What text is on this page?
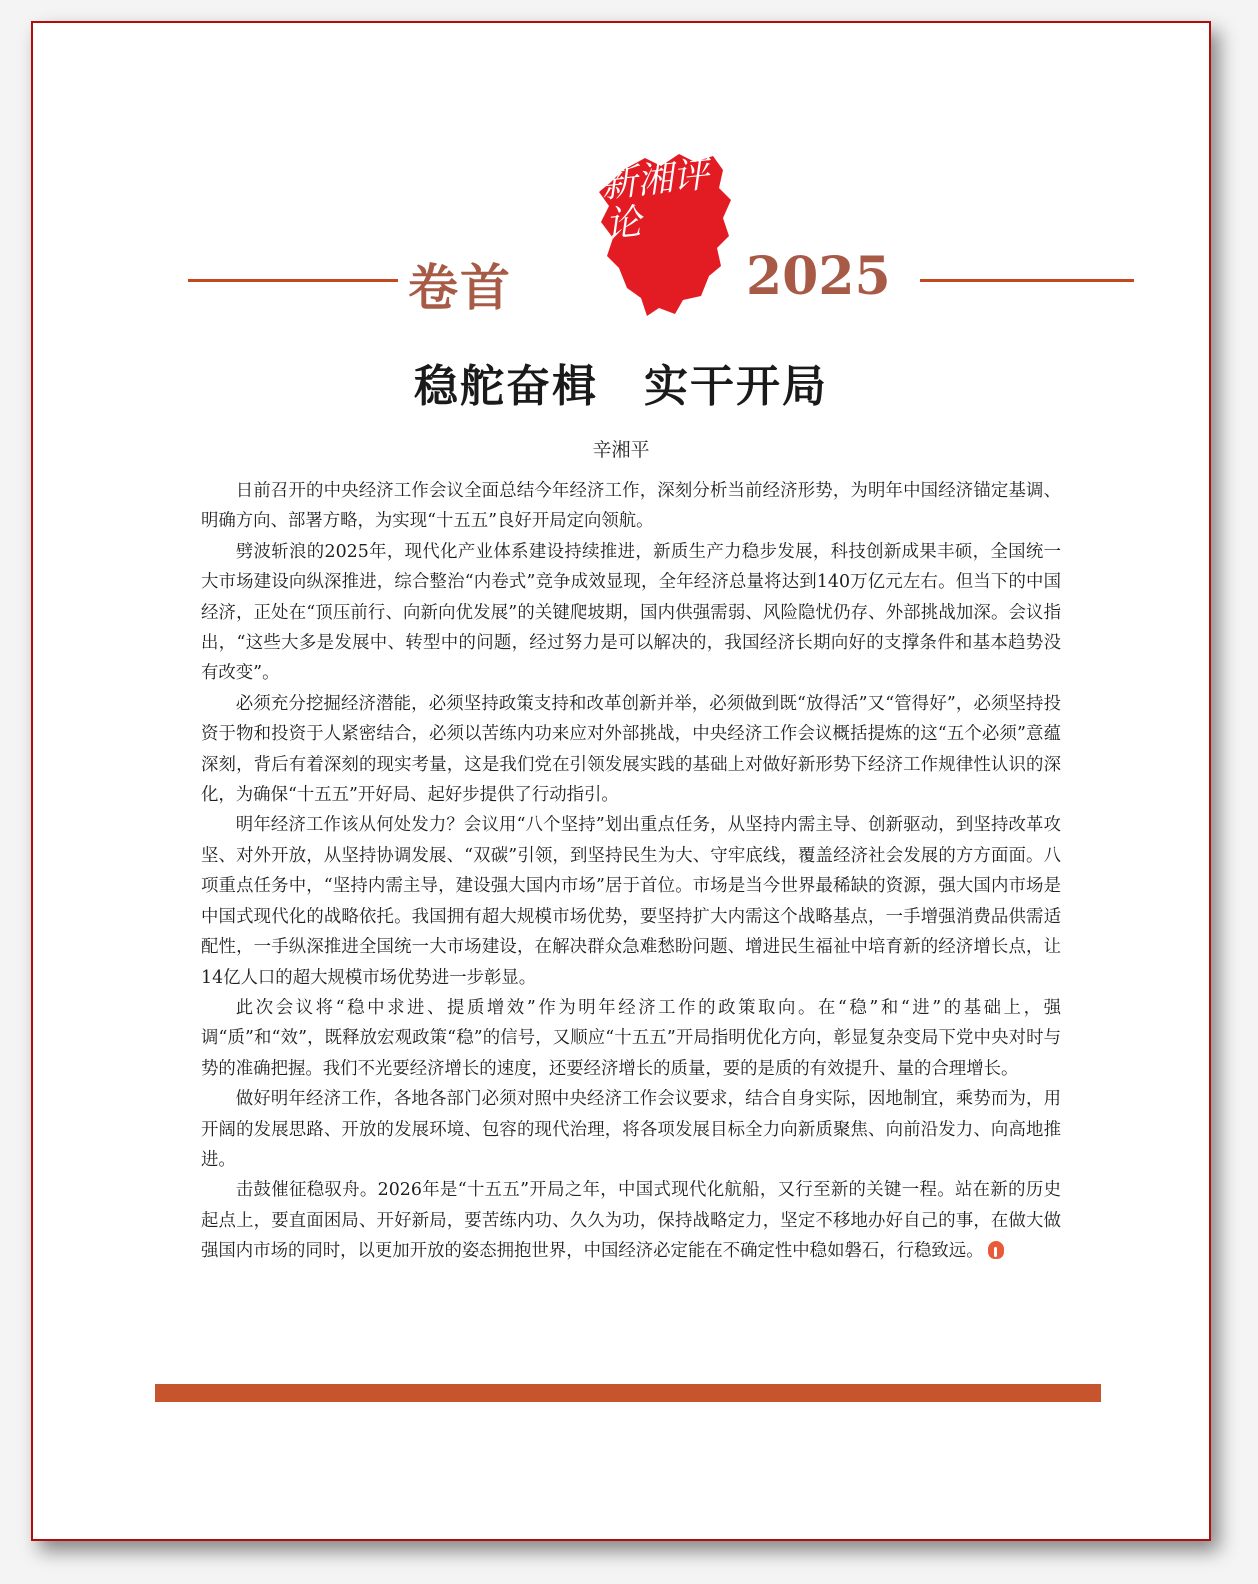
卷首
新湘评论
2025
稳舵奋楫　实干开局
辛湘平

日前召开的中央经济工作会议全面总结今年经济工作，深刻分析当前经济形势，为明年中国经济锚定基调、明确方向、部署方略，为实现“十五五”良好开局定向领航。

劈波斩浪的2025年，现代化产业体系建设持续推进，新质生产力稳步发展，科技创新成果丰硕，全国统一大市场建设向纵深推进，综合整治“内卷式”竞争成效显现，全年经济总量将达到140万亿元左右。但当下的中国经济，正处在“顶压前行、向新向优发展”的关键爬坡期，国内供强需弱、风险隐忧仍存、外部挑战加深。会议指出，“这些大多是发展中、转型中的问题，经过努力是可以解决的，我国经济长期向好的支撑条件和基本趋势没有改变”。

必须充分挖掘经济潜能，必须坚持政策支持和改革创新并举，必须做到既“放得活”又“管得好”，必须坚持投资于物和投资于人紧密结合，必须以苦练内功来应对外部挑战，中央经济工作会议概括提炼的这“五个必须”意蕴深刻，背后有着深刻的现实考量，这是我们党在引领发展实践的基础上对做好新形势下经济工作规律性认识的深化，为确保“十五五”开好局、起好步提供了行动指引。

明年经济工作该从何处发力？会议用“八个坚持”划出重点任务，从坚持内需主导、创新驱动，到坚持改革攻坚、对外开放，从坚持协调发展、“双碳”引领，到坚持民生为大、守牢底线，覆盖经济社会发展的方方面面。八项重点任务中，“坚持内需主导，建设强大国内市场”居于首位。市场是当今世界最稀缺的资源，强大国内市场是中国式现代化的战略依托。我国拥有超大规模市场优势，要坚持扩大内需这个战略基点，一手增强消费品供需适配性，一手纵深推进全国统一大市场建设，在解决群众急难愁盼问题、增进民生福祉中培育新的经济增长点，让14亿人口的超大规模市场优势进一步彰显。

此次会议将“稳中求进、提质增效”作为明年经济工作的政策取向。在“稳”和“进”的基础上，强调“质”和“效”，既释放宏观政策“稳”的信号，又顺应“十五五”开局指明优化方向，彰显复杂变局下党中央对时与势的准确把握。我们不光要经济增长的速度，还要经济增长的质量，要的是质的有效提升、量的合理增长。

做好明年经济工作，各地各部门必须对照中央经济工作会议要求，结合自身实际，因地制宜，乘势而为，用开阔的发展思路、开放的发展环境、包容的现代治理，将各项发展目标全力向新质聚焦、向前沿发力、向高地推进。

击鼓催征稳驭舟。2026年是“十五五”开局之年，中国式现代化航船，又行至新的关键一程。站在新的历史起点上，要直面困局、开好新局，要苦练内功、久久为功，保持战略定力，坚定不移地办好自己的事，在做大做强国内市场的同时，以更加开放的姿态拥抱世界，中国经济必定能在不确定性中稳如磐石，行稳致远。
